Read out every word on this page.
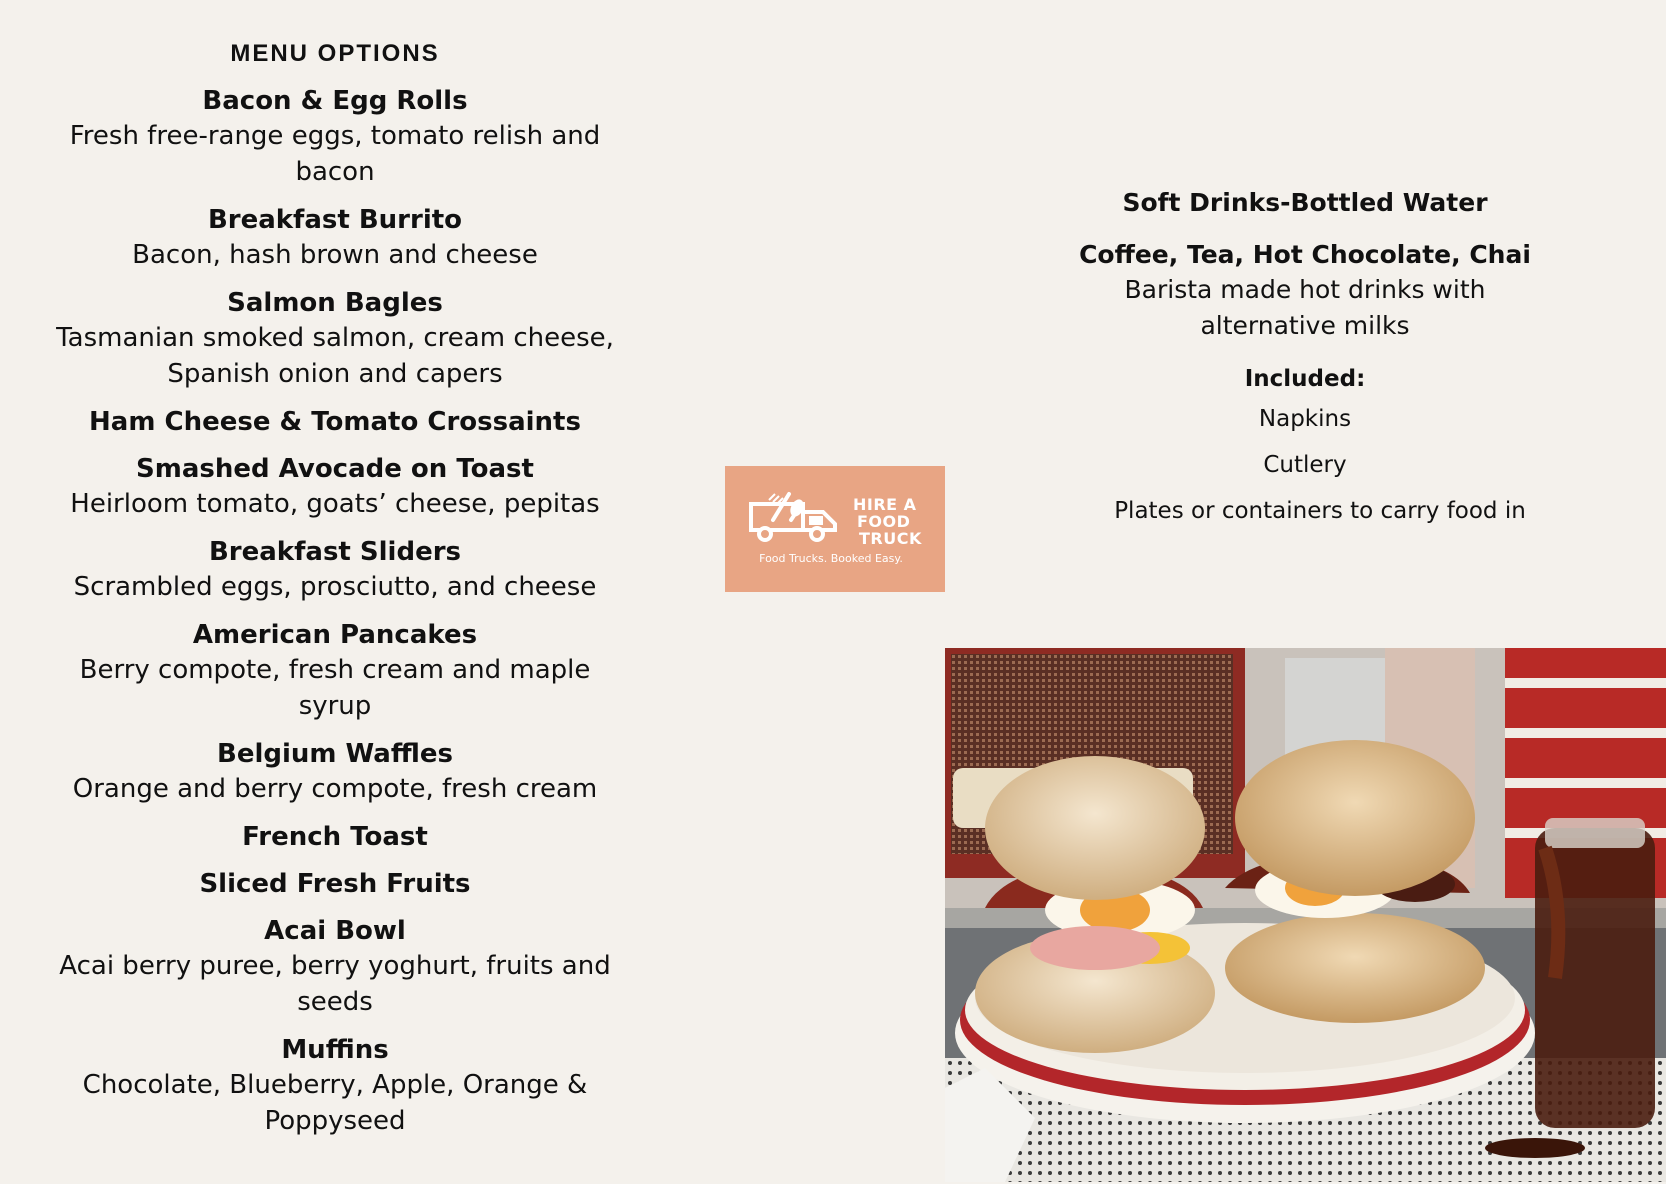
MENU OPTIONS
Bacon & Egg Rolls
Fresh free-range eggs, tomato relish and bacon
Breakfast Burrito
Bacon, hash brown and cheese
Salmon Bagles
Tasmanian smoked salmon, cream cheese, Spanish onion and capers
Ham Cheese & Tomato Crossaints
Smashed Avocade on Toast
Heirloom tomato, goats’ cheese, pepitas
Breakfast Sliders
Scrambled eggs, prosciutto, and cheese
American Pancakes
Berry compote, fresh cream and maple syrup
Belgium Waffles
Orange and berry compote, fresh cream
French Toast
Sliced Fresh Fruits
Acai Bowl
Acai berry puree, berry yoghurt, fruits and seeds
Muffins
Chocolate, Blueberry, Apple, Orange & Poppyseed
HIRE A
FOOD
TRUCK
Food Trucks. Booked Easy.
Soft Drinks-Bottled Water
Coffee, Tea, Hot Chocolate, Chai
Barista made hot drinks with alternative milks
Included:
Napkins
Cutlery
Plates or containers to carry food in
